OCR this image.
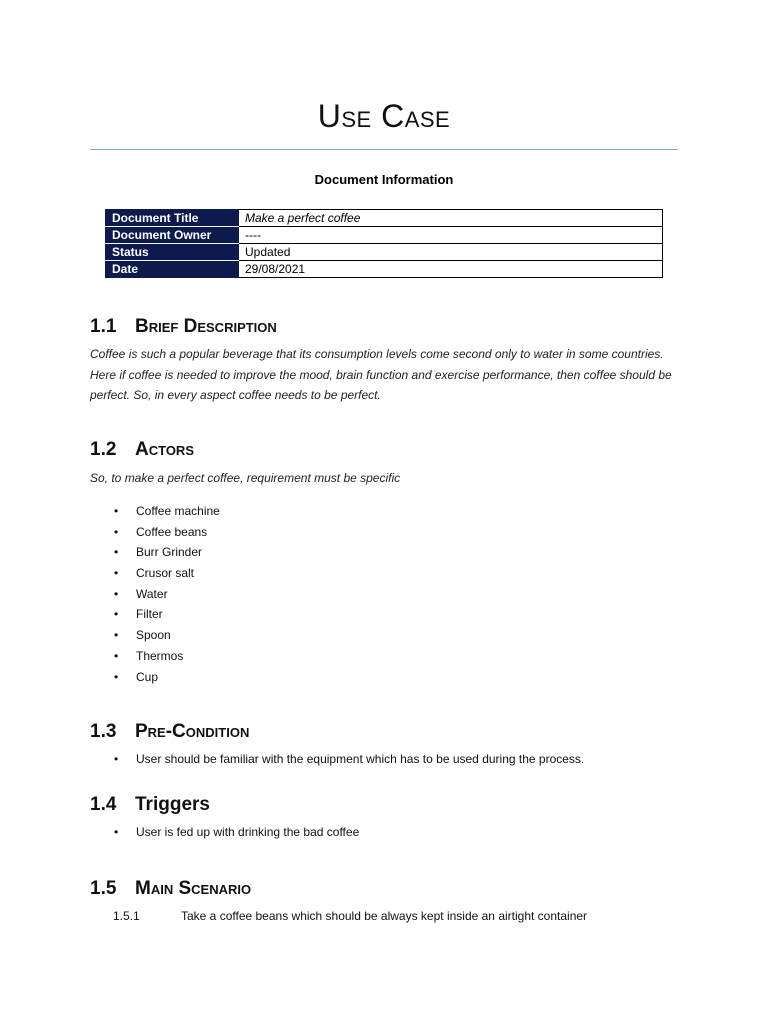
Use Case
Document Information
Document Title	Make a perfect coffee
Document Owner	----
Status	Updated
Date	29/08/2021
1.1 Brief Description

Coffee is such a popular beverage that its consumption levels come second only to water in some countries. Here if coffee is needed to improve the mood, brain function and exercise performance, then coffee should be perfect. So, in every aspect coffee needs to be perfect.

1.2 Actors

So, to make a perfect coffee, requirement must be specific

• Coffee machine
• Coffee beans
• Burr Grinder
• Crusor salt
• Water
• Filter
• Spoon
• Thermos
• Cup
1.3 Pre-Condition
• User should be familiar with the equipment which has to be used during the process.
1.4 Triggers
• User is fed up with drinking the bad coffee
1.5 Main Scenario
1.5.1	Take a coffee beans which should be always kept inside an airtight container
